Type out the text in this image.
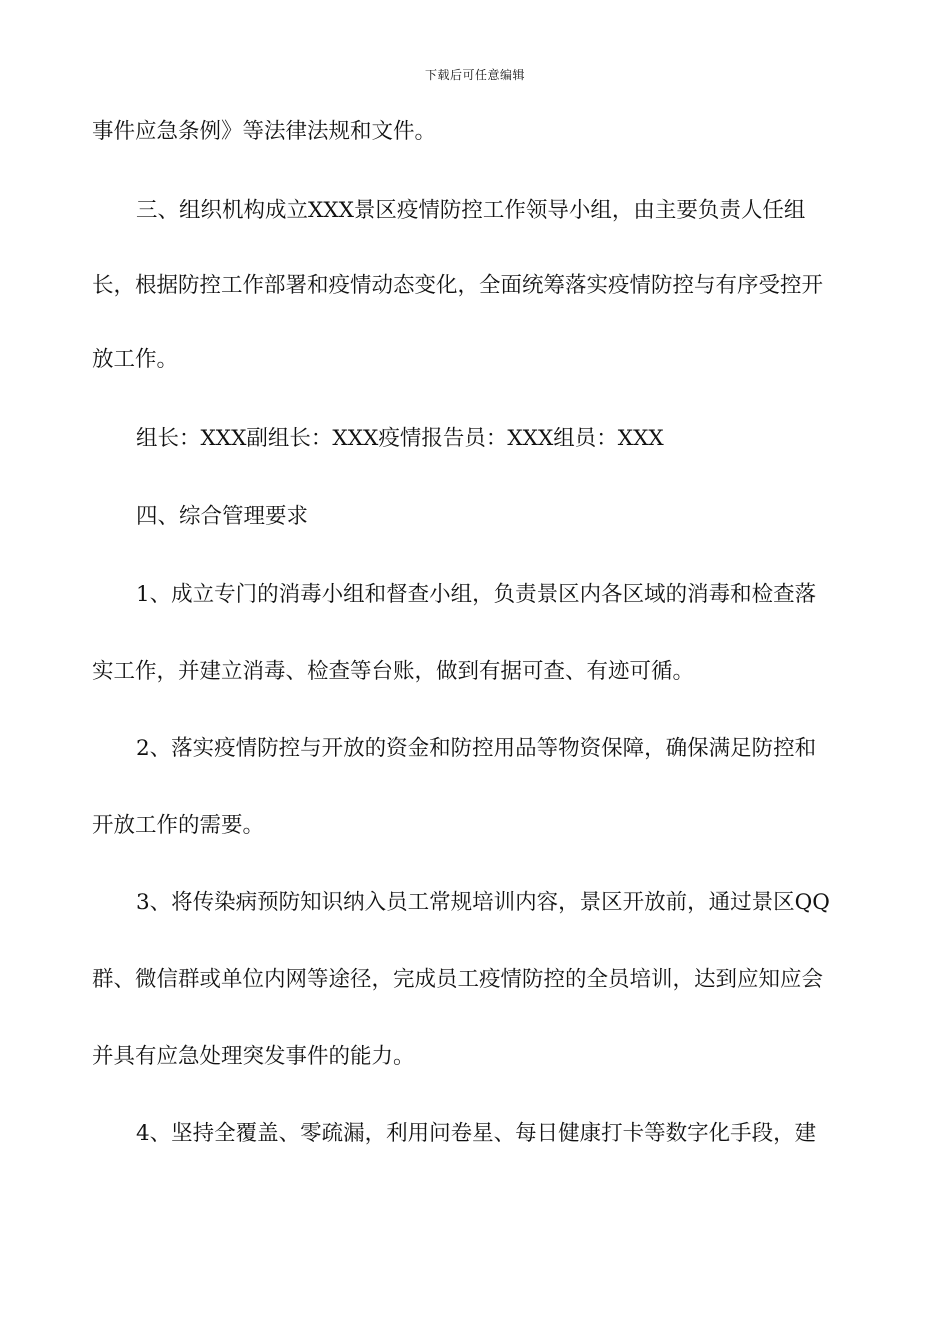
下载后可任意编辑
事件应急条例》等法律法规和文件。
三、组织机构成立XXX景区疫情防控工作领导小组，由主要负责人任组
长，根据防控工作部署和疫情动态变化，全面统筹落实疫情防控与有序受控开
放工作。
组长：XXX副组长：XXX疫情报告员：XXX组员：XXX
四、综合管理要求
1、成立专门的消毒小组和督查小组，负责景区内各区域的消毒和检查落
实工作，并建立消毒、检查等台账，做到有据可查、有迹可循。
2、落实疫情防控与开放的资金和防控用品等物资保障，确保满足防控和
开放工作的需要。
3、将传染病预防知识纳入员工常规培训内容，景区开放前，通过景区QQ
群、微信群或单位内网等途径，完成员工疫情防控的全员培训，达到应知应会
并具有应急处理突发事件的能力。
4、坚持全覆盖、零疏漏，利用问卷星、每日健康打卡等数字化手段，建
